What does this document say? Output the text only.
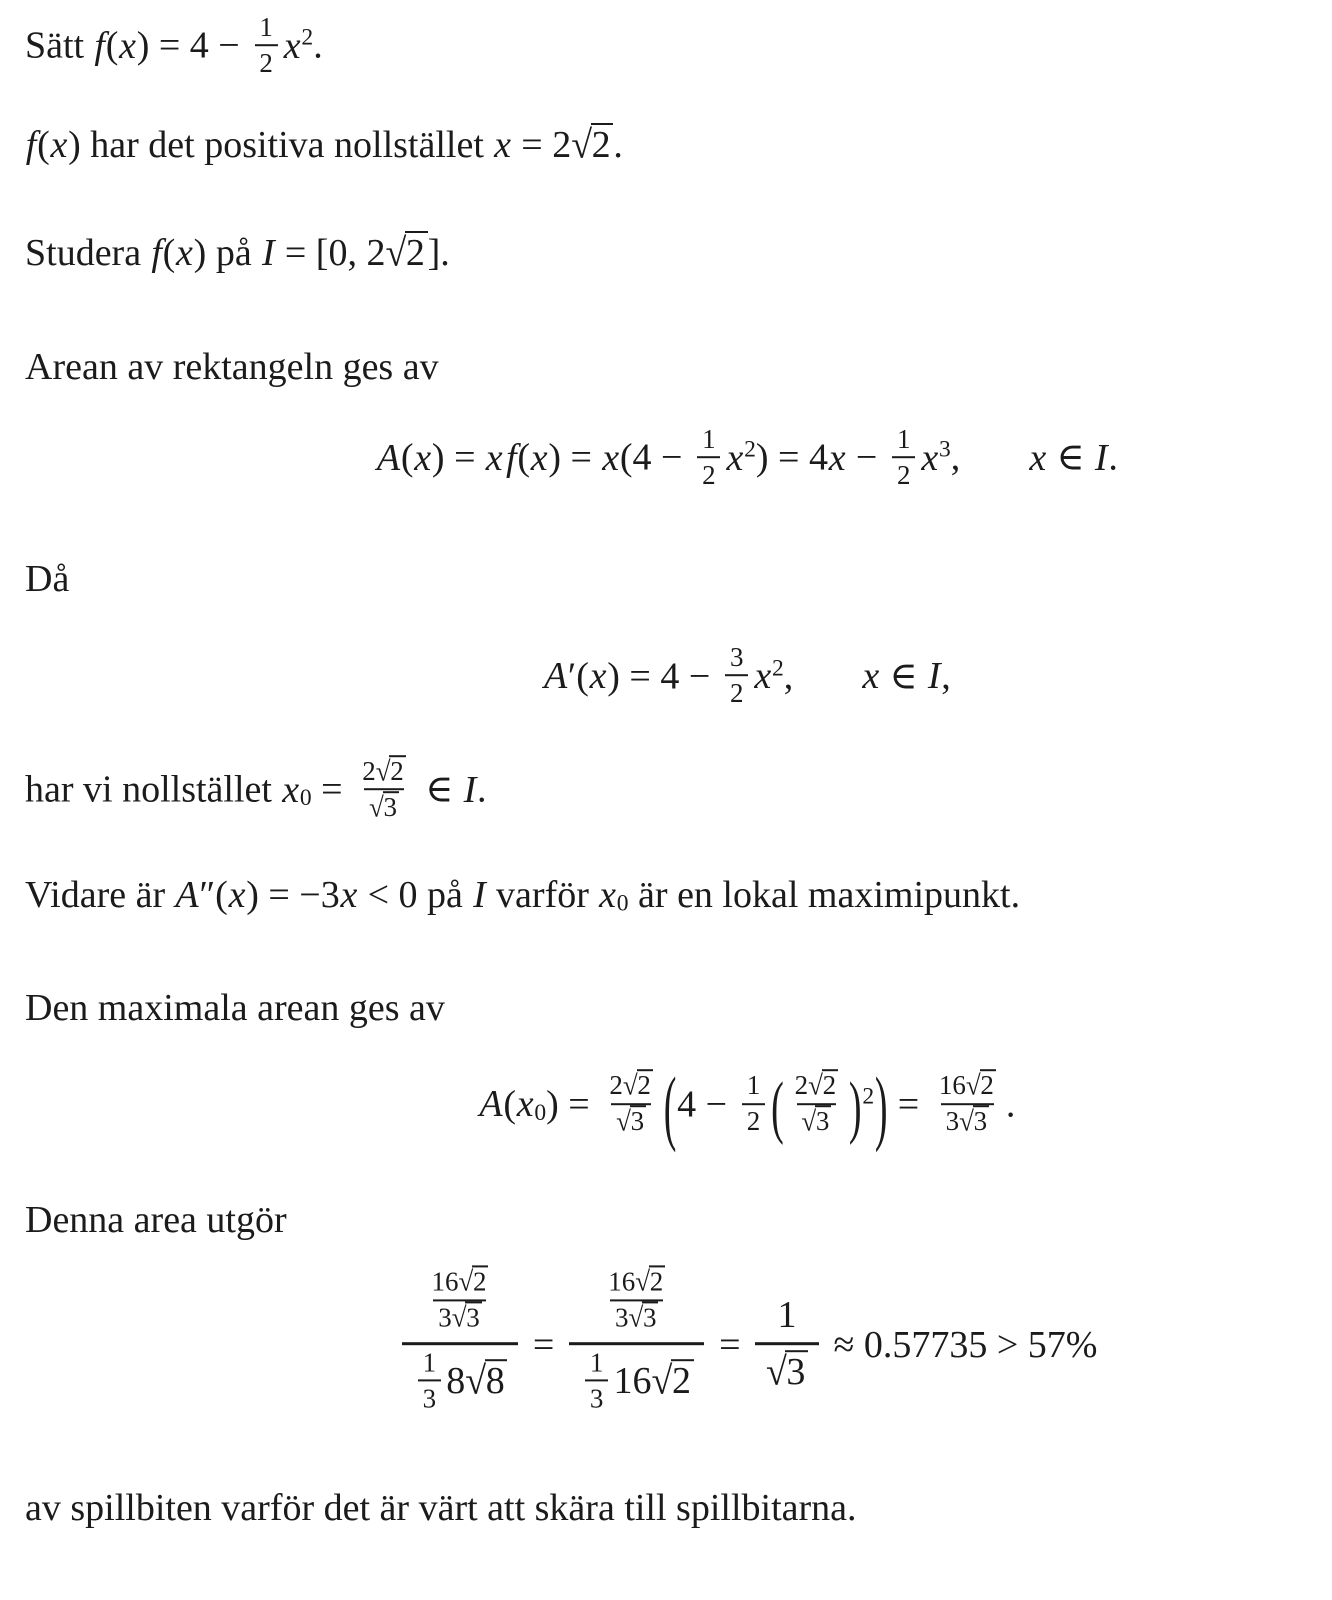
Sätt $f(x) = 4 - \frac{1}{2} x^2$.

f(x) har det positiva nollstället x = 2√2.

Studera f(x) på I = [0, 2√2].

Arean av rektangeln ges av

$A(x) = xf(x) = x(4 - \frac{1}{2} x^2) = 4x - \frac{1}{2} x^3$, x ∈ I.

Då

$A'(x) = 4 - \frac{3}{2} x^2$, x ∈ I,

har vi nollstället $x0 = \frac{2√2}{√3}$ ∈ I.

Vidare är A″(x) = −3x < 0 på I varför x0 är en lokal maximipunkt.

Den maximala arean ges av

$A(x0) = \frac{2√2}{√3} (4 - \frac{1}{2}$ ( $\frac{2√2}{√3} )^2) = \frac{16√2}{3√3}$ .

Denna area utgör

$\frac{\frac{16√2}{3√3}}{\frac{1}{3} 8√8} = \frac{\frac{16√2}{3√3}}{\frac{1}{3} 16√2} = \frac{1}{√3} \approx 0.57735 > 57\%$

av spillbiten varför det är värt att skära till spillbitarna.
